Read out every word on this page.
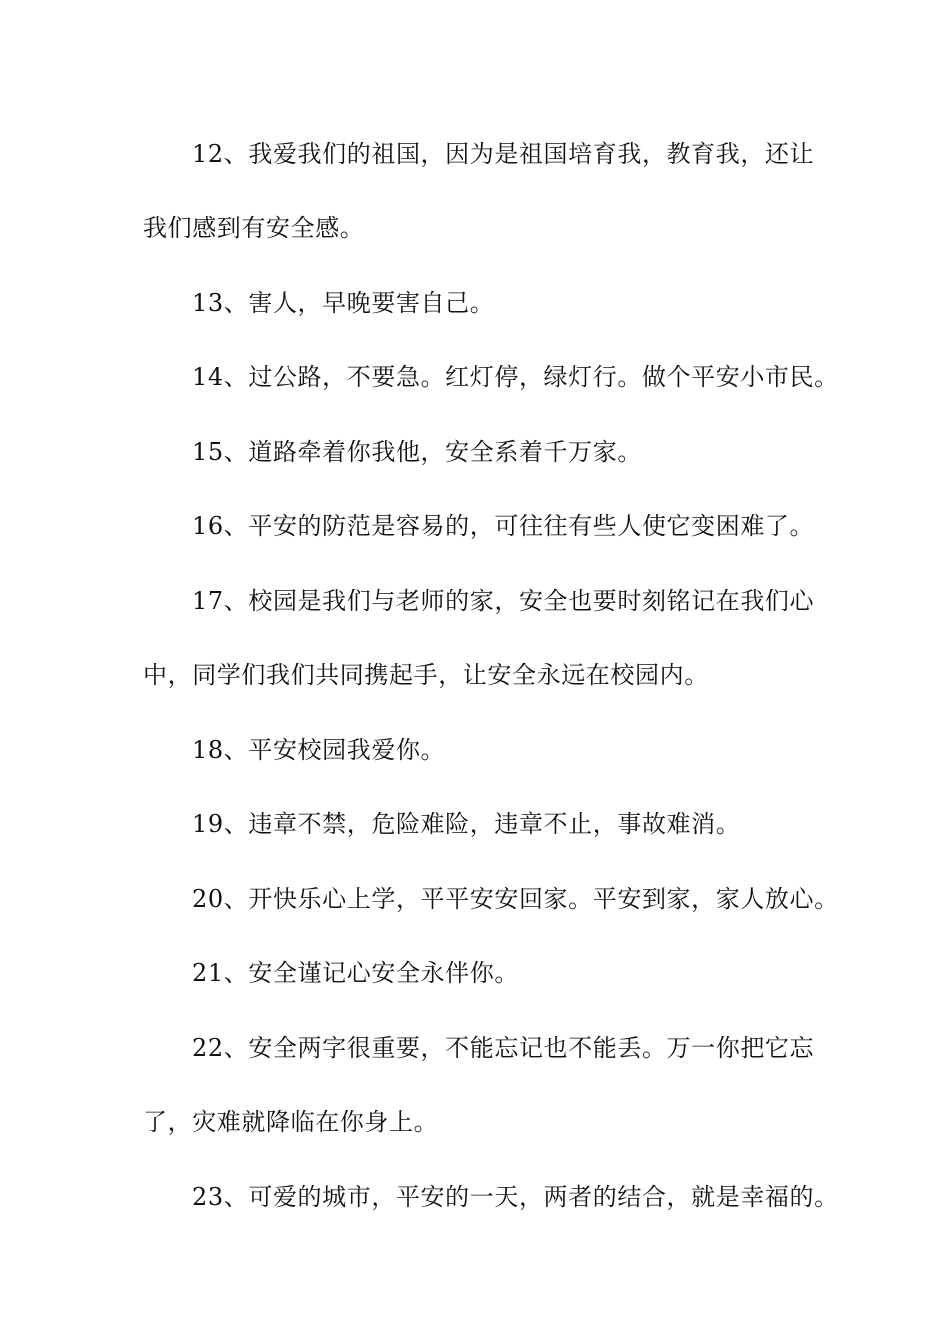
12、我爱我们的祖国，因为是祖国培育我，教育我，还让
我们感到有安全感。
13、害人，早晚要害自己。
14、过公路，不要急。红灯停，绿灯行。做个平安小市民。
15、道路牵着你我他，安全系着千万家。
16、平安的防范是容易的，可往往有些人使它变困难了。
17、校园是我们与老师的家，安全也要时刻铭记在我们心
中，同学们我们共同携起手，让安全永远在校园内。
18、平安校园我爱你。
19、违章不禁，危险难险，违章不止，事故难消。
20、开快乐心上学，平平安安回家。平安到家，家人放心。
21、安全谨记心安全永伴你。
22、安全两字很重要，不能忘记也不能丢。万一你把它忘
了，灾难就降临在你身上。
23、可爱的城市，平安的一天，两者的结合，就是幸福的。
